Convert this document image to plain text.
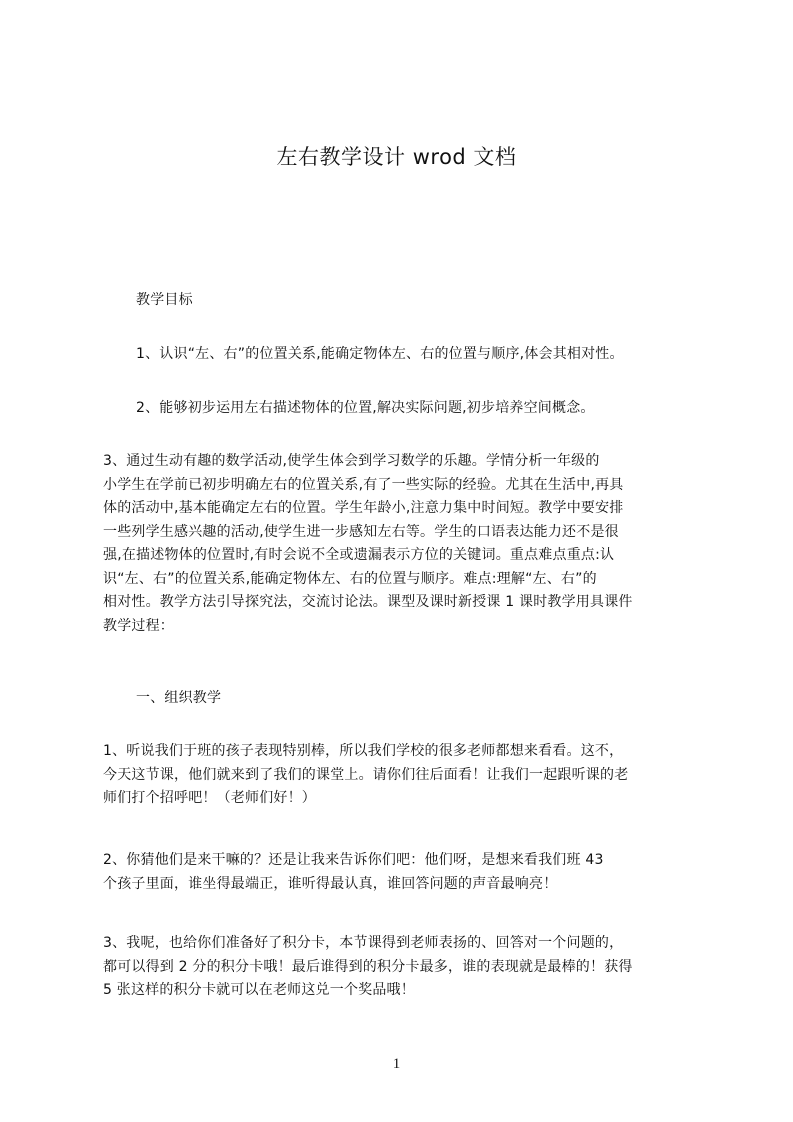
左右教学设计 wrod 文档
教学目标
1、认识“左、右”的位置关系,能确定物体左、右的位置与顺序,体会其相对性。
2、能够初步运用左右描述物体的位置,解决实际问题,初步培养空间概念。
3、通过生动有趣的数学活动,使学生体会到学习数学的乐趣。学情分析一年级的
小学生在学前已初步明确左右的位置关系,有了一些实际的经验。尤其在生活中,再具
体的活动中,基本能确定左右的位置。学生年龄小,注意力集中时间短。教学中要安排
一些列学生感兴趣的活动,使学生进一步感知左右等。学生的口语表达能力还不是很
强,在描述物体的位置时,有时会说不全或遗漏表示方位的关键词。重点难点重点:认
识“左、右”的位置关系,能确定物体左、右的位置与顺序。难点:理解“左、右”的
相对性。教学方法引导探究法，交流讨论法。课型及课时新授课 1 课时教学用具课件
教学过程：
一、组织教学
1、听说我们于班的孩子表现特别棒，所以我们学校的很多老师都想来看看。这不，
今天这节课，他们就来到了我们的课堂上。请你们往后面看！让我们一起跟听课的老
师们打个招呼吧！（老师们好！）
2、你猜他们是来干嘛的？还是让我来告诉你们吧：他们呀，是想来看我们班 43
个孩子里面，谁坐得最端正，谁听得最认真，谁回答问题的声音最响亮！
3、我呢，也给你们准备好了积分卡，本节课得到老师表扬的、回答对一个问题的，
都可以得到 2 分的积分卡哦！最后谁得到的积分卡最多，谁的表现就是最棒的！获得
5 张这样的积分卡就可以在老师这兑一个奖品哦！
1
